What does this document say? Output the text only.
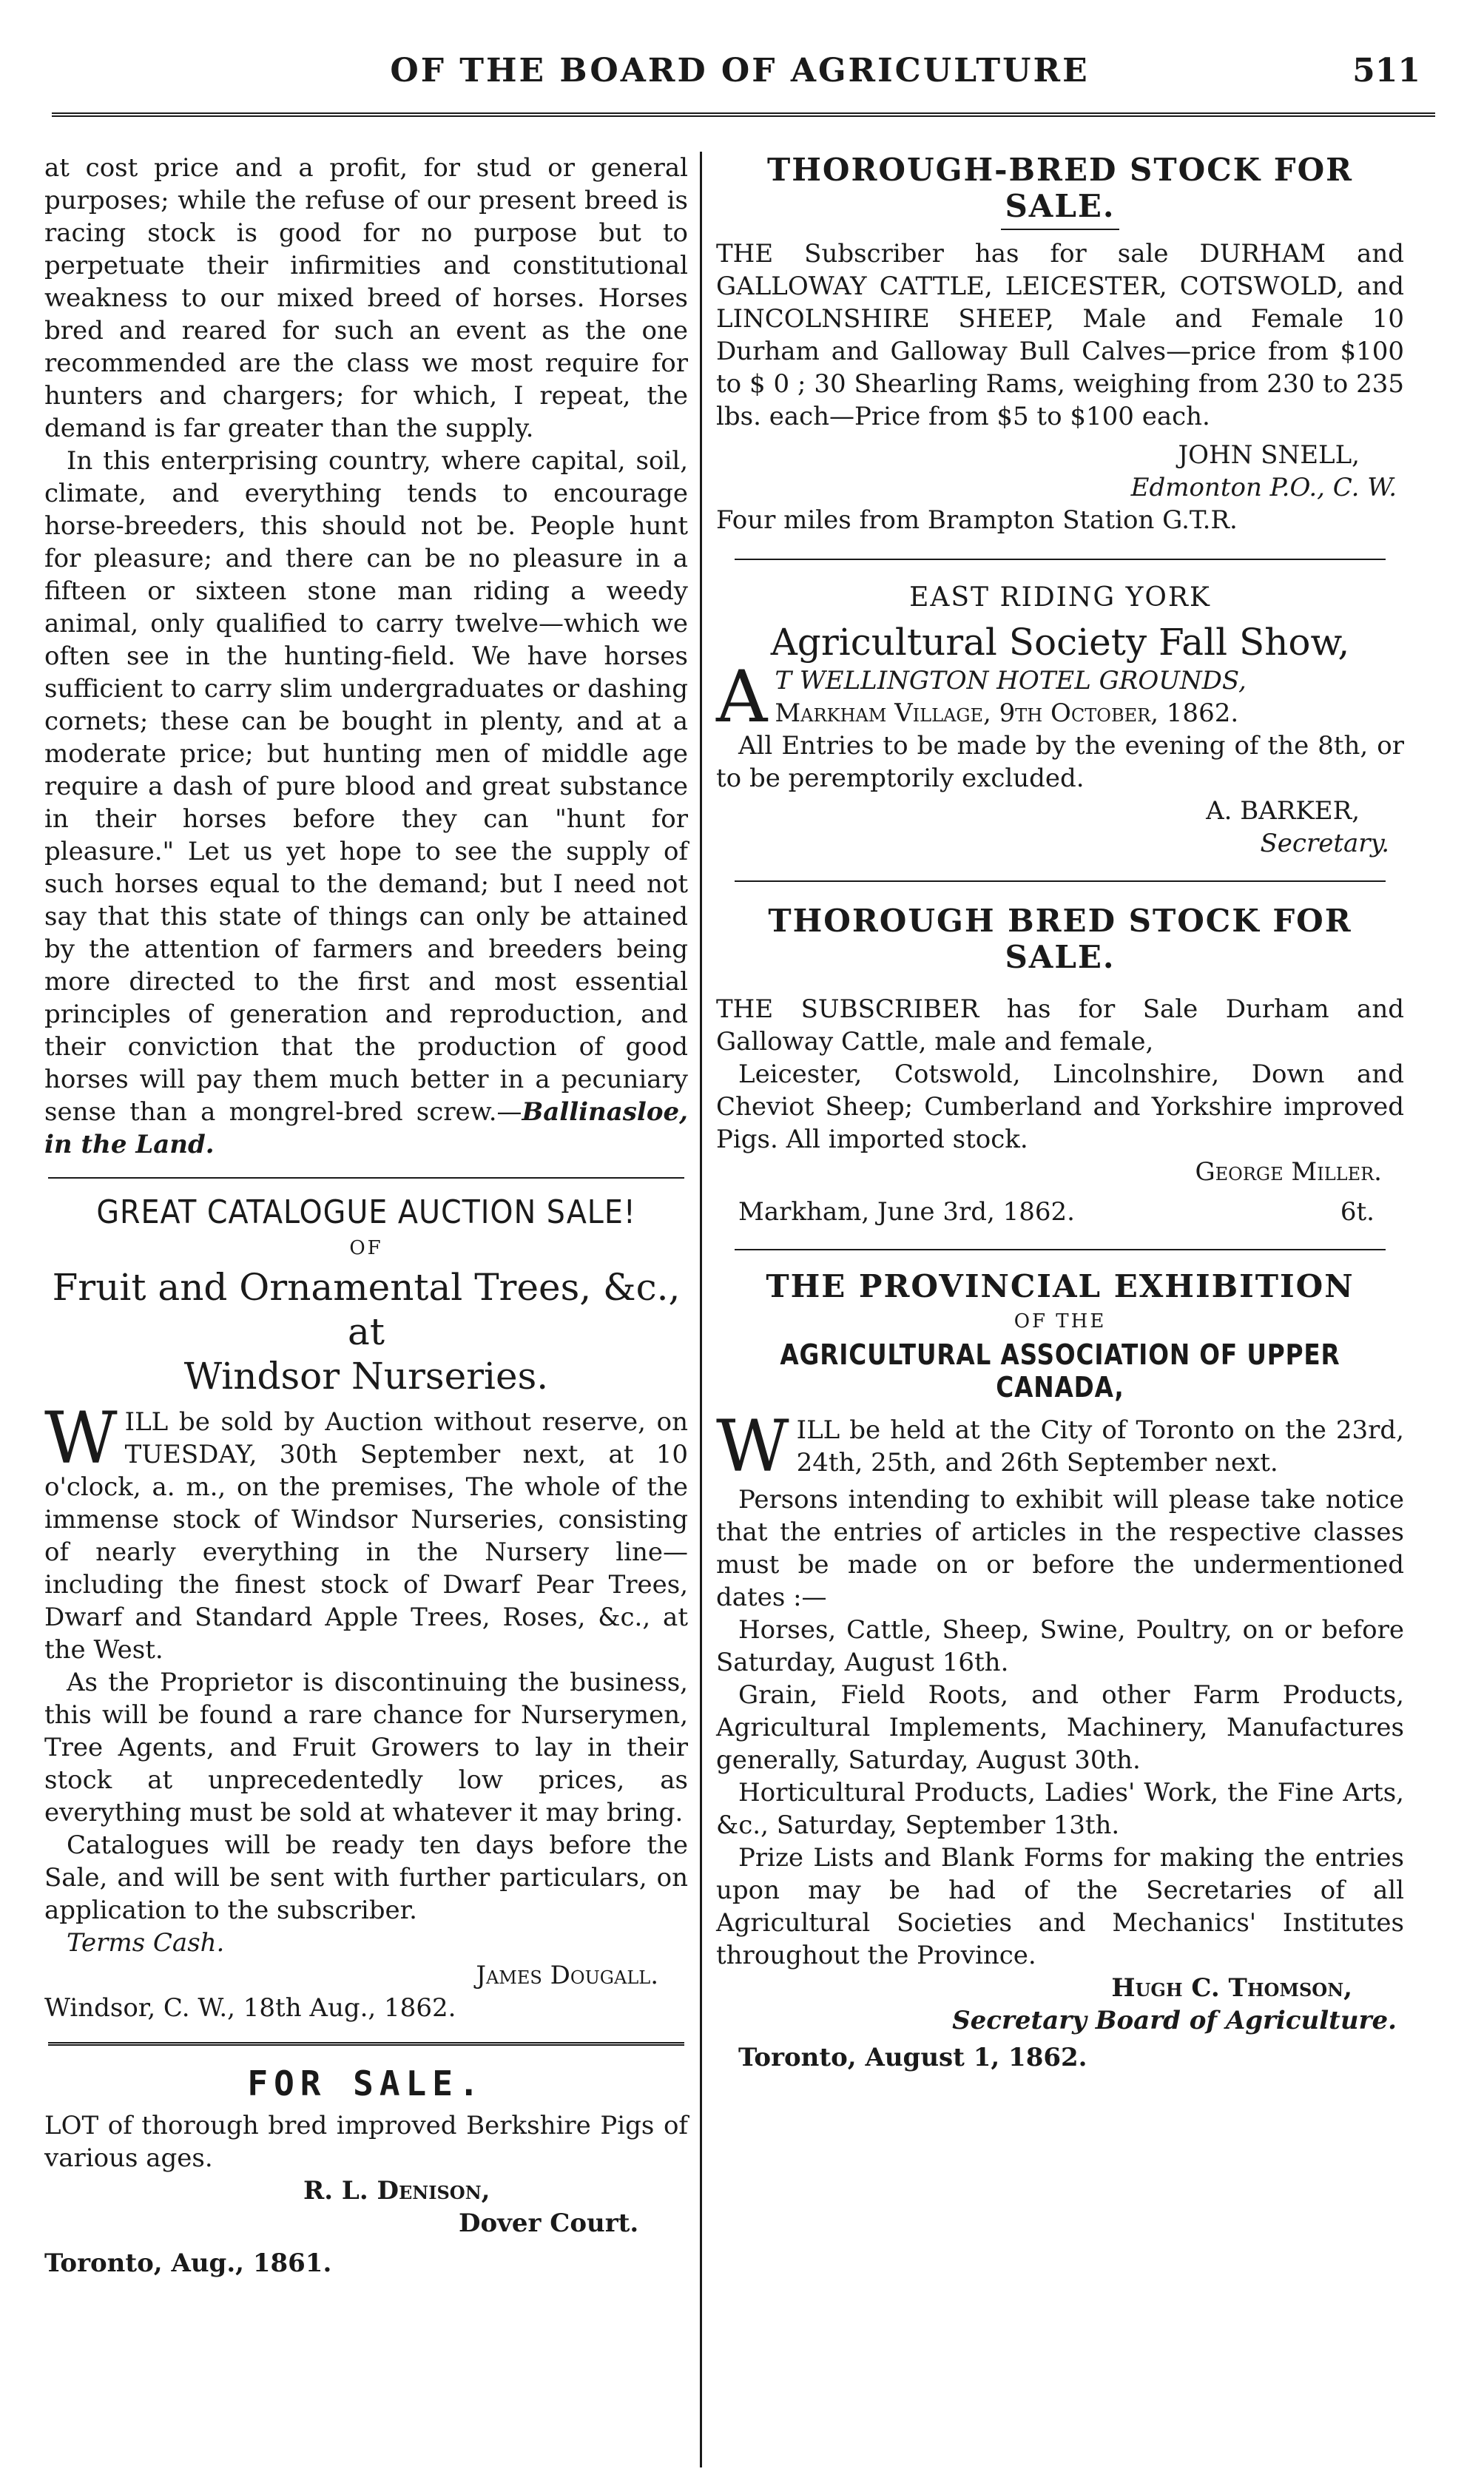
OF THE BOARD OF AGRICULTURE	511

at cost price and a profit, for stud or general purposes; while the refuse of our present breed is racing stock is good for no purpose but to perpetuate their infirmities and constitutional weakness to our mixed breed of horses. Horses bred and reared for such an event as the one recommended are the class we most require for hunters and chargers; for which, I repeat, the demand is far greater than the supply.

In this enterprising country, where capital, soil, climate, and everything tends to encourage horse-breeders, this should not be. People hunt for pleasure; and there can be no pleasure in a fifteen or sixteen stone man riding a weedy animal, only qualified to carry twelve—which we often see in the hunting-field. We have horses sufficient to carry slim undergraduates or dashing cornets; these can be bought in plenty, and at a moderate price; but hunting men of middle age require a dash of pure blood and great substance in their horses before they can "hunt for pleasure." Let us yet hope to see the supply of such horses equal to the demand; but I need not say that this state of things can only be attained by the attention of farmers and breeders being more directed to the first and most essential principles of generation and reproduction, and their conviction that the production of good horses will pay them much better in a pecuniary sense than a mongrel-bred screw.—Ballinasloe, in the Land.

GREAT CATALOGUE AUCTION SALE!
OF
Fruit and Ornamental Trees, &c., at
Windsor Nurseries.

WILL be sold by Auction without reserve, on TUESDAY, 30th September next, at 10 o'clock, a. m., on the premises, The whole of the immense stock of Windsor Nurseries, consisting of nearly everything in the Nursery line—including the finest stock of Dwarf Pear Trees, Dwarf and Standard Apple Trees, Roses, &c., at the West.

As the Proprietor is discontinuing the business, this will be found a rare chance for Nurserymen, Tree Agents, and Fruit Growers to lay in their stock at unprecedentedly low prices, as everything must be sold at whatever it may bring.

Catalogues will be ready ten days before the Sale, and will be sent with further particulars, on application to the subscriber.

Terms Cash.

James Dougall.

Windsor, C. W., 18th Aug., 1862.

FOR SALE.

LOT of thorough bred improved Berkshire Pigs of various ages.

R. L. Denison,

Dover Court.

Toronto, Aug., 1861.

THOROUGH-BRED STOCK FOR SALE.

THE Subscriber has for sale DURHAM and GALLOWAY CATTLE, LEICESTER, COTSWOLD, and LINCOLNSHIRE SHEEP, Male and Female 10 Durham and Galloway Bull Calves—price from $100 to $ 0 ; 30 Shearling Rams, weighing from 230 to 235 lbs. each—Price from $5 to $100 each.

JOHN SNELL,

Edmonton P.O., C. W.

Four miles from Brampton Station G.T.R.

EAST RIDING YORK
Agricultural Society Fall Show,

A T WELLINGTON HOTEL GROUNDS,

Markham Village, 9th October, 1862.

All Entries to be made by the evening of the 8th, or to be peremptorily excluded.

A. BARKER,

Secretary.

THOROUGH BRED STOCK FOR SALE.

THE SUBSCRIBER has for Sale Durham and Galloway Cattle, male and female,

Leicester, Cotswold, Lincolnshire, Down and Cheviot Sheep; Cumberland and Yorkshire improved Pigs. All imported stock.

George Miller.

Markham, June 3rd, 1862.	6t.

THE PROVINCIAL EXHIBITION
OF THE
AGRICULTURAL ASSOCIATION OF UPPER CANADA,

WILL be held at the City of Toronto on the 23rd, 24th, 25th, and 26th September next.

Persons intending to exhibit will please take notice that the entries of articles in the respective classes must be made on or before the undermentioned dates :—

Horses, Cattle, Sheep, Swine, Poultry, on or before Saturday, August 16th.

Grain, Field Roots, and other Farm Products, Agricultural Implements, Machinery, Manufactures generally, Saturday, August 30th.

Horticultural Products, Ladies' Work, the Fine Arts, &c., Saturday, September 13th.

Prize Lists and Blank Forms for making the entries upon may be had of the Secretaries of all Agricultural Societies and Mechanics' Institutes throughout the Province.

Hugh C. Thomson,

Secretary Board of Agriculture.

Toronto, August 1, 1862.
